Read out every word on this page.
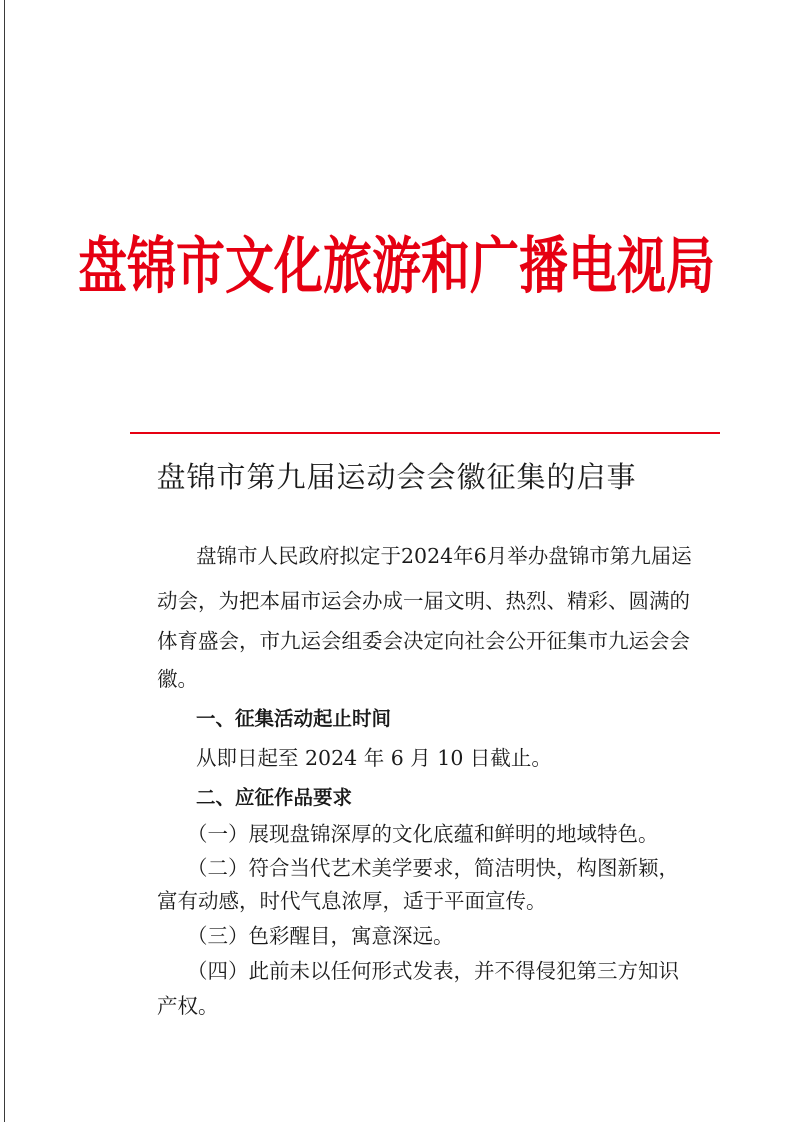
盘锦市文化旅游和广播电视局
盘锦市第九届运动会会徽征集的启事
盘锦市人民政府拟定于2024年6月举办盘锦市第九届运
动会，为把本届市运会办成一届文明、热烈、精彩、圆满的
体育盛会，市九运会组委会决定向社会公开征集市九运会会
徽。
一、征集活动起止时间
从即日起至 2024 年 6 月 10 日截止。
二、应征作品要求
（一）展现盘锦深厚的文化底蕴和鲜明的地域特色。
（二）符合当代艺术美学要求，简洁明快，构图新颖，
富有动感，时代气息浓厚，适于平面宣传。
（三）色彩醒目，寓意深远。
（四）此前未以任何形式发表，并不得侵犯第三方知识
产权。
